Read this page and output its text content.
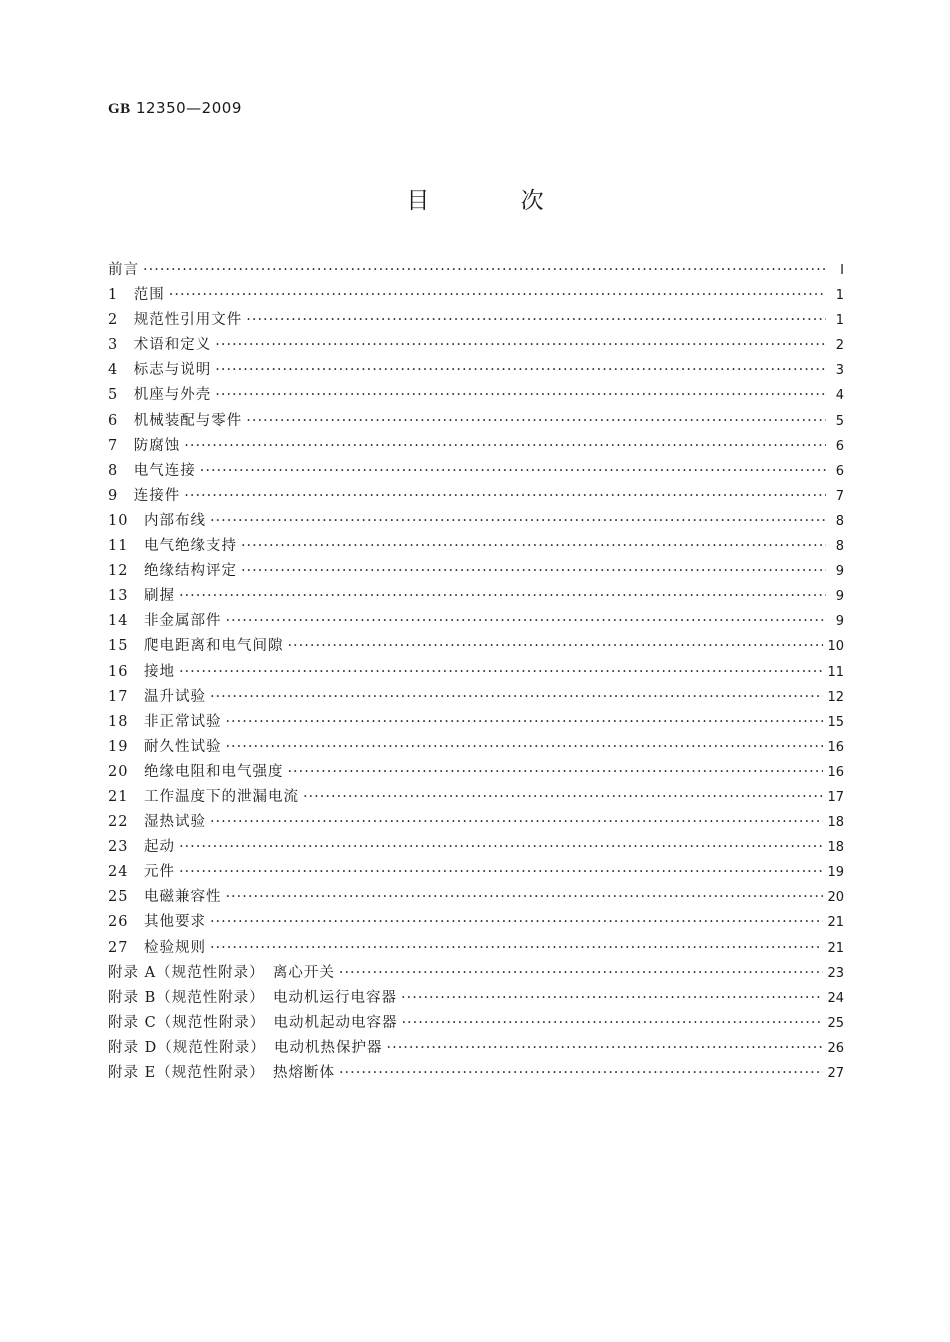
GB 12350—2009
目 次
前言 ·····	I
1　范围 ·····	1
2　规范性引用文件 ·····	1
3　术语和定义 ·····	2
4　标志与说明 ·····	3
5　机座与外壳 ·····	4
6　机械装配与零件 ·····	5
7　防腐蚀 ·····	6
8　电气连接 ·····	6
9　连接件 ·····	7
10　内部布线 ·····	8
11　电气绝缘支持 ·····	8
12　绝缘结构评定 ·····	9
13　刷握 ·····	9
14　非金属部件 ·····	9
15　爬电距离和电气间隙 ·····	10
16　接地 ·····	11
17　温升试验 ·····	12
18　非正常试验 ·····	15
19　耐久性试验 ·····	16
20　绝缘电阻和电气强度 ·····	16
21　工作温度下的泄漏电流 ·····	17
22　湿热试验 ·····	18
23　起动 ·····	18
24　元件 ·····	19
25　电磁兼容性 ·····	20
26　其他要求 ·····	21
27　检验规则 ·····	21
附录 A（规范性附录）　离心开关 ·····	23
附录 B（规范性附录）　电动机运行电容器 ·····	24
附录 C（规范性附录）　电动机起动电容器 ·····	25
附录 D（规范性附录）　电动机热保护器 ·····	26
附录 E（规范性附录）　热熔断体 ·····	27
